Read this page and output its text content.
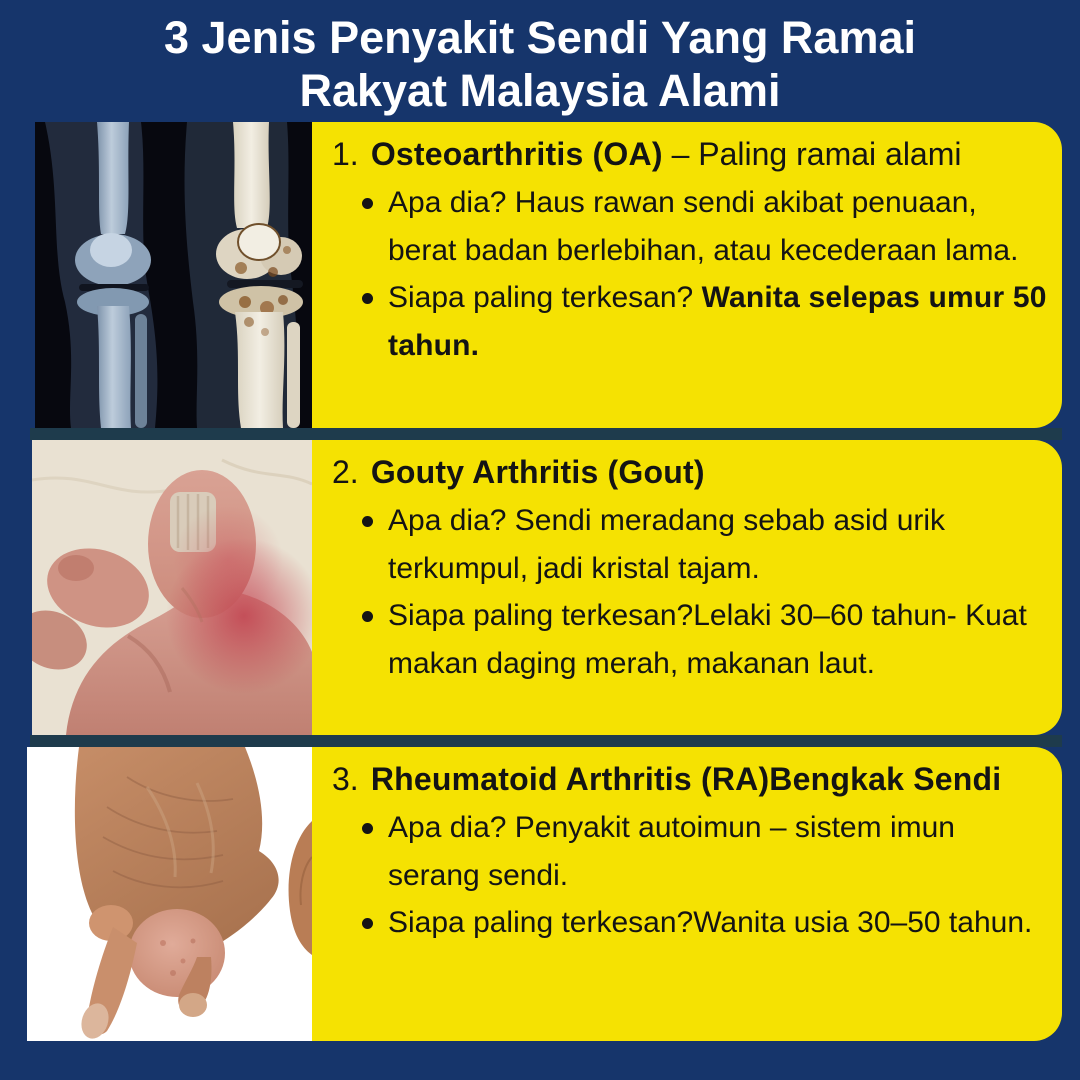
3 Jenis Penyakit Sendi Yang Ramai
Rakyat Malaysia Alami
1. Osteoarthritis (OA) – Paling ramai alami

Apa dia? Haus rawan sendi akibat penuaan, berat badan berlebihan, atau kecederaan lama.

Siapa paling terkesan? Wanita selepas umur 50 tahun.

2. Gouty Arthritis (Gout)

Apa dia? Sendi meradang sebab asid urik terkumpul, jadi kristal tajam.

Siapa paling terkesan?Lelaki 30–60 tahun- Kuat makan daging merah, makanan laut.

3. Rheumatoid Arthritis (RA)Bengkak Sendi

Apa dia? Penyakit autoimun – sistem imun serang sendi.

Siapa paling terkesan?Wanita usia 30–50 tahun.
